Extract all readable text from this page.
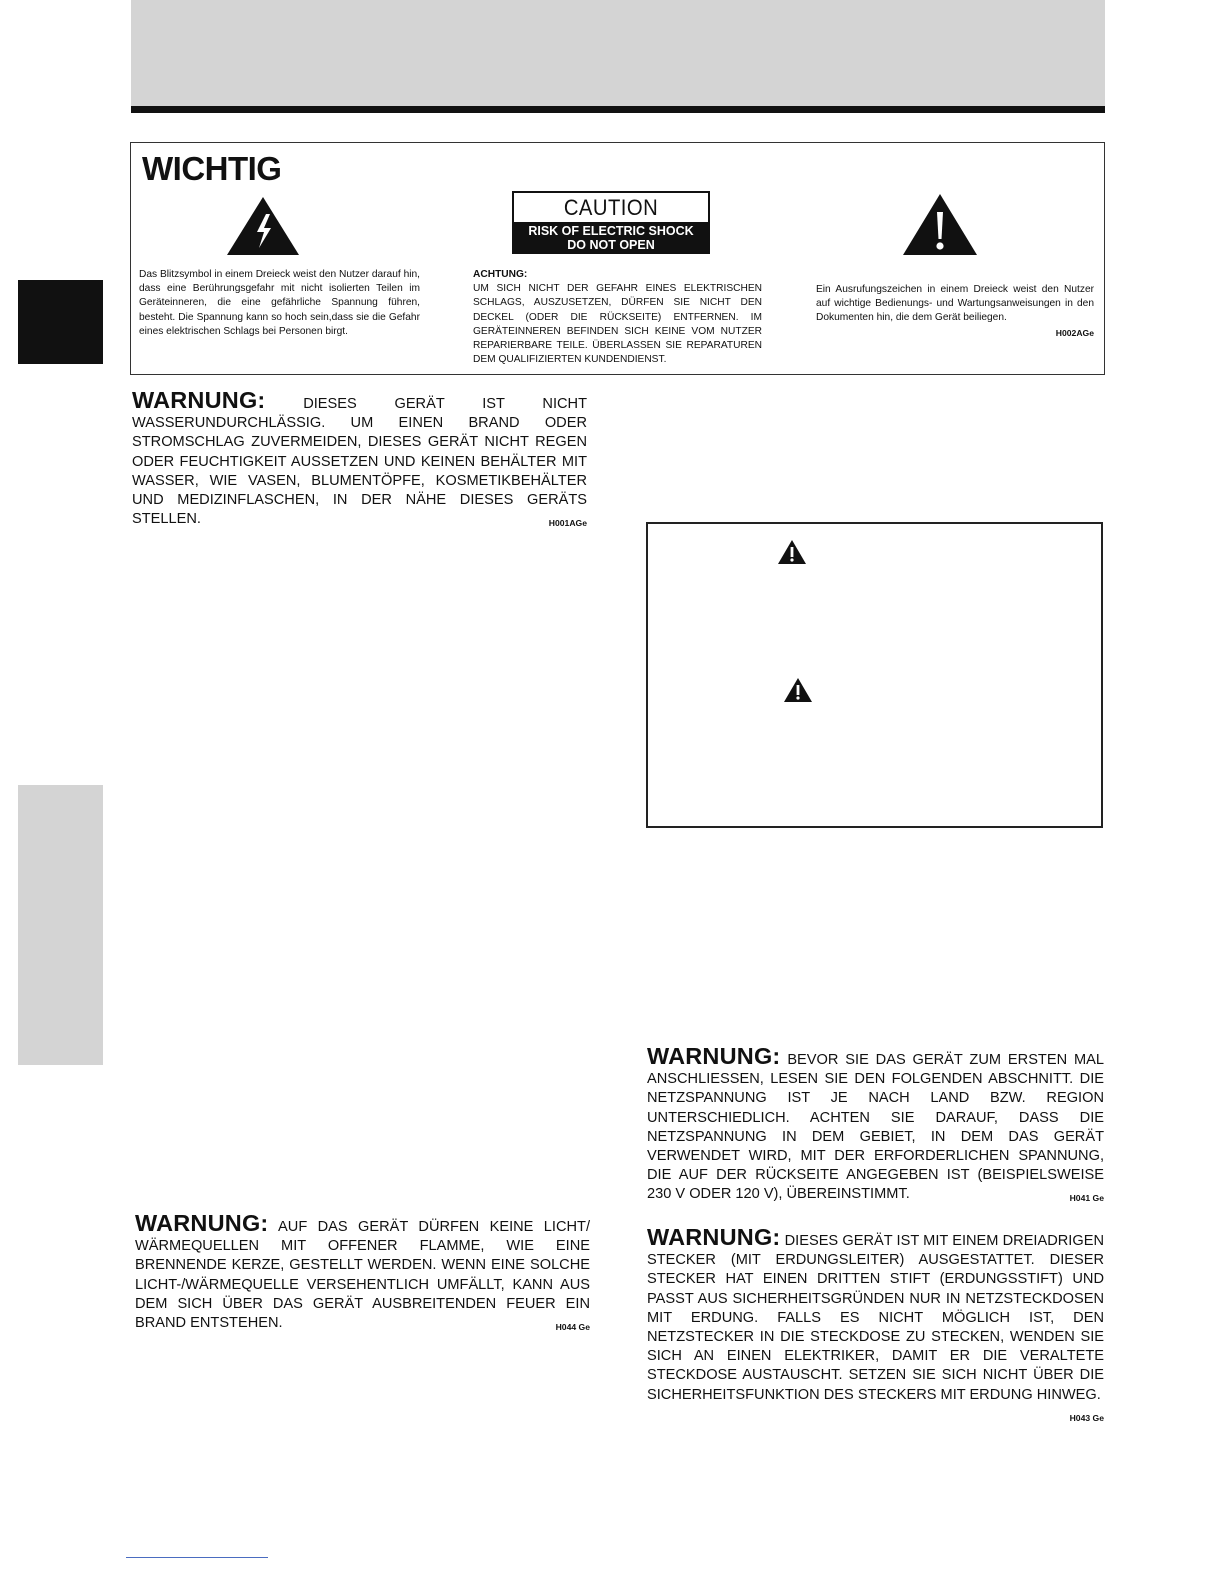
WICHTIG
CAUTION
RISK OF ELECTRIC SHOCK
DO NOT OPEN

Das Blitzsymbol in einem Dreieck weist den Nutzer darauf hin, dass eine Berührungsgefahr mit nicht isolierten Teilen im Geräteinneren, die eine gefährliche Spannung führen, besteht. Die Spannung kann so hoch sein,dass sie die Gefahr eines elektrischen Schlags bei Personen birgt.

ACHTUNG:
UM SICH NICHT DER GEFAHR EINES ELEKTRISCHEN SCHLAGS, AUSZUSETZEN, DÜRFEN SIE NICHT DEN DECKEL (ODER DIE RÜCKSEITE) ENTFERNEN. IM GERÄTEINNEREN BEFINDEN SICH KEINE VOM NUTZER REPARIERBARE TEILE. ÜBERLASSEN SIE REPARATUREN DEM QUALIFIZIERTEN KUNDENDIENST.
Ein Ausrufungszeichen in einem Dreieck weist den Nutzer auf wichtige Bedienungs- und Wartungsanweisungen in den Dokumenten hin, die dem Gerät beiliegen.
H002AGe

WARNUNG:	DIESES GERÄT IST NICHT WASSERUNDURCHLÄSSIG. UM EINEN BRAND ODER STROMSCHLAG ZUVERMEIDEN, DIESES GERÄT NICHT REGEN ODER FEUCHTIGKEIT AUSSETZEN UND KEINEN BEHÄLTER MIT WASSER, WIE VASEN, BLUMENTÖPFE, KOSMETIKBEHÄLTER UND MEDIZINFLASCHEN, IN DER NÄHE DIESES GERÄTS STELLEN.	H001AGe

WARNUNG: AUF DAS GERÄT DÜRFEN KEINE LICHT/ WÄRMEQUELLEN MIT OFFENER FLAMME, WIE EINE BRENNENDE KERZE, GESTELLT WERDEN. WENN EINE SOLCHE LICHT-/WÄRMEQUELLE VERSEHENTLICH UMFÄLLT, KANN AUS DEM SICH ÜBER DAS GERÄT AUSBREITENDEN FEUER EIN BRAND ENTSTEHEN.	H044 Ge

WARNUNG: BEVOR SIE DAS GERÄT ZUM ERSTEN MAL ANSCHLIESSEN, LESEN SIE DEN FOLGENDEN ABSCHNITT. DIE NETZSPANNUNG IST JE NACH LAND BZW. REGION UNTERSCHIEDLICH. ACHTEN SIE DARAUF, DASS DIE NETZSPANNUNG IN DEM GEBIET, IN DEM DAS GERÄT VERWENDET WIRD, MIT DER ERFORDERLICHEN SPANNUNG, DIE AUF DER RÜCKSEITE ANGEGEBEN IST (BEISPIELSWEISE 230 V ODER 120 V), ÜBEREINSTIMMT.	H041 Ge

WARNUNG: DIESES GERÄT IST MIT EINEM DREIADRIGEN STECKER (MIT ERDUNGSLEITER) AUSGESTATTET. DIESER STECKER HAT EINEN DRITTEN STIFT (ERDUNGSSTIFT) UND PASST AUS SICHERHEITSGRÜNDEN NUR IN NETZSTECKDOSEN MIT ERDUNG. FALLS ES NICHT MÖGLICH IST, DEN NETZSTECKER IN DIE STECKDOSE ZU STECKEN, WENDEN SIE SICH AN EINEN ELEKTRIKER, DAMIT ER DIE VERALTETE STECKDOSE AUSTAUSCHT. SETZEN SIE SICH NICHT ÜBER DIE SICHERHEITSFUNKTION DES STECKERS MIT ERDUNG HINWEG.
H043 Ge
